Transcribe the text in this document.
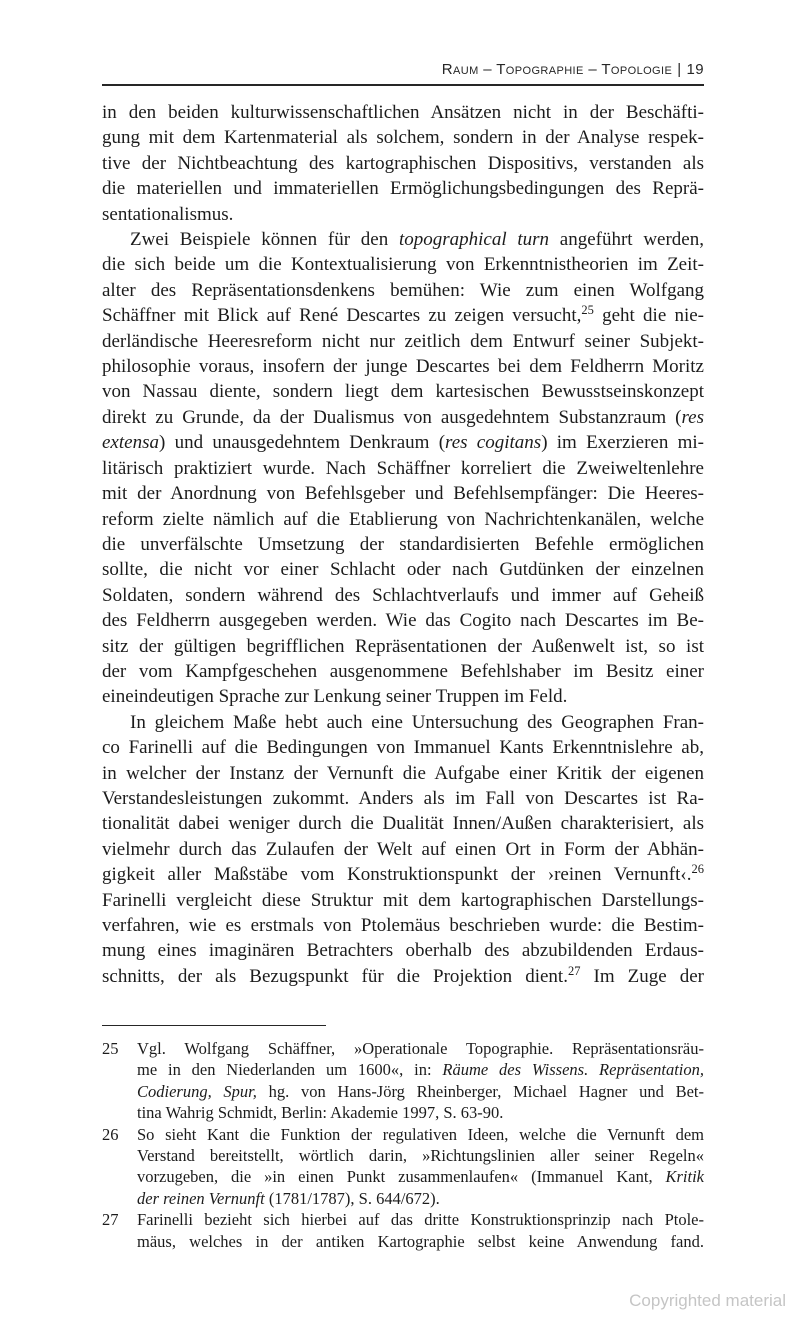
Raum – Topographie – Topologie | 19
in den beiden kulturwissenschaftlichen Ansätzen nicht in der Beschäfti-
gung mit dem Kartenmaterial als solchem, sondern in der Analyse respek-
tive der Nichtbeachtung des kartographischen Dispositivs, verstanden als
die materiellen und immateriellen Ermöglichungsbedingungen des Reprä-
sentationalismus.
Zwei Beispiele können für den topographical turn angeführt werden,
die sich beide um die Kontextualisierung von Erkenntnistheorien im Zeit-
alter des Repräsentationsdenkens bemühen: Wie zum einen Wolfgang
Schäffner mit Blick auf René Descartes zu zeigen versucht,$^{25}$ geht die nie-
derländische Heeresreform nicht nur zeitlich dem Entwurf seiner Subjekt-
philosophie voraus, insofern der junge Descartes bei dem Feldherrn Moritz
von Nassau diente, sondern liegt dem kartesischen Bewusstseinskonzept
direkt zu Grunde, da der Dualismus von ausgedehntem Substanzraum (res
extensa) und unausgedehntem Denkraum (res cogitans) im Exerzieren mi-
litärisch praktiziert wurde. Nach Schäffner korreliert die Zweiweltenlehre
mit der Anordnung von Befehlsgeber und Befehlsempfänger: Die Heeres-
reform zielte nämlich auf die Etablierung von Nachrichtenkanälen, welche
die unverfälschte Umsetzung der standardisierten Befehle ermöglichen
sollte, die nicht vor einer Schlacht oder nach Gutdünken der einzelnen
Soldaten, sondern während des Schlachtverlaufs und immer auf Geheiß
des Feldherrn ausgegeben werden. Wie das Cogito nach Descartes im Be-
sitz der gültigen begrifflichen Repräsentationen der Außenwelt ist, so ist
der vom Kampfgeschehen ausgenommene Befehlshaber im Besitz einer
eineindeutigen Sprache zur Lenkung seiner Truppen im Feld.
In gleichem Maße hebt auch eine Untersuchung des Geographen Fran-
co Farinelli auf die Bedingungen von Immanuel Kants Erkenntnislehre ab,
in welcher der Instanz der Vernunft die Aufgabe einer Kritik der eigenen
Verstandesleistungen zukommt. Anders als im Fall von Descartes ist Ra-
tionalität dabei weniger durch die Dualität Innen/Außen charakterisiert, als
vielmehr durch das Zulaufen der Welt auf einen Ort in Form der Abhän-
gigkeit aller Maßstäbe vom Konstruktionspunkt der ›reinen Vernunft‹.$^{26}$
Farinelli vergleicht diese Struktur mit dem kartographischen Darstellungs-
verfahren, wie es erstmals von Ptolemäus beschrieben wurde: die Bestim-
mung eines imaginären Betrachters oberhalb des abzubildenden Erdaus-
schnitts, der als Bezugspunkt für die Projektion dient.$^{27}$ Im Zuge der
25	Vgl. Wolfgang Schäffner, »Operationale Topographie. Repräsentationsräu-
me in den Niederlanden um 1600«, in: Räume des Wissens. Repräsentation,
Codierung, Spur, hg. von Hans-Jörg Rheinberger, Michael Hagner und Bet-
tina Wahrig Schmidt, Berlin: Akademie 1997, S. 63-90.
26	So sieht Kant die Funktion der regulativen Ideen, welche die Vernunft dem
Verstand bereitstellt, wörtlich darin, »Richtungslinien aller seiner Regeln«
vorzugeben, die »in einen Punkt zusammenlaufen« (Immanuel Kant, Kritik
der reinen Vernunft (1781/1787), S. 644/672).
27	Farinelli bezieht sich hierbei auf das dritte Konstruktionsprinzip nach Ptole-
mäus, welches in der antiken Kartographie selbst keine Anwendung fand.
Copyrighted material
